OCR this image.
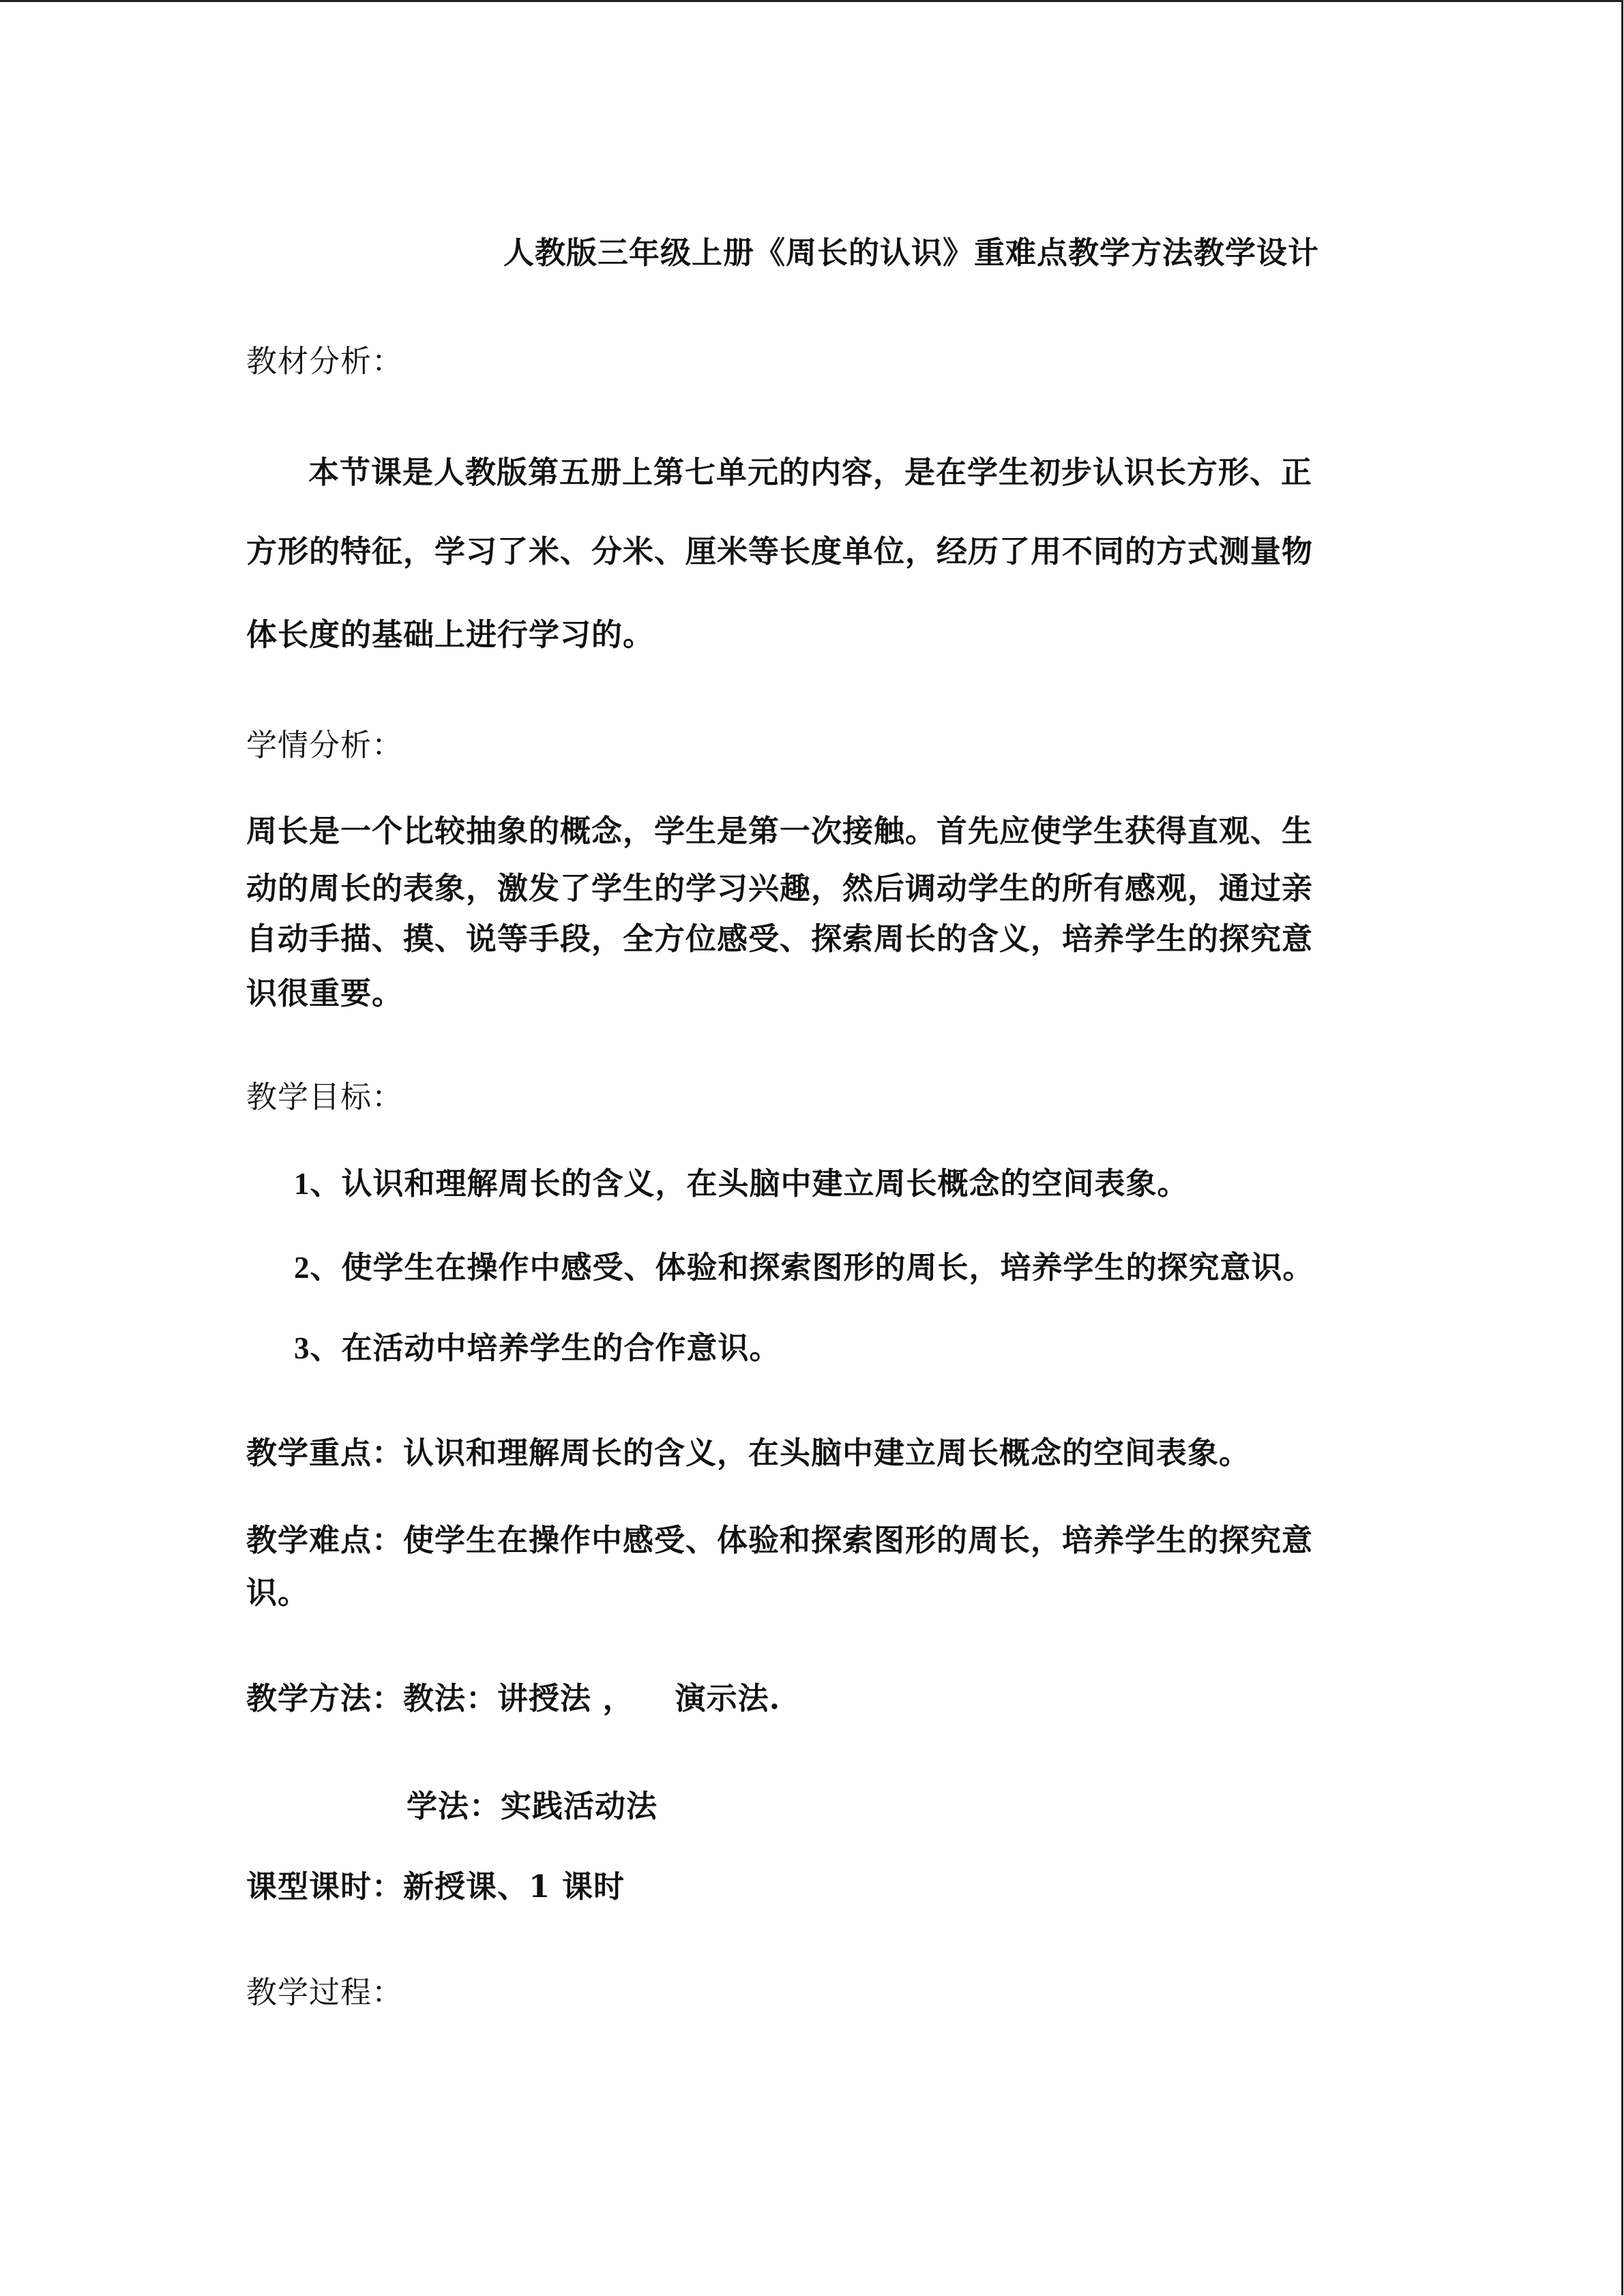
人教版三年级上册《周长的认识》重难点教学方法教学设计
教材分析：
本节课是人教版第五册上第七单元的内容，是在学生初步认识长方形、正
方形的特征，学习了米、分米、厘米等长度单位，经历了用不同的方式测量物
体长度的基础上进行学习的。
学情分析：
周长是一个比较抽象的概念，学生是第一次接触。首先应使学生获得直观、生
动的周长的表象，激发了学生的学习兴趣，然后调动学生的所有感观，通过亲
自动手描、摸、说等手段，全方位感受、探索周长的含义，培养学生的探究意
识很重要。
教学目标：
1、认识和理解周长的含义，在头脑中建立周长概念的空间表象。
2、使学生在操作中感受、体验和探索图形的周长，培养学生的探究意识。
3、在活动中培养学生的合作意识。
教学重点：认识和理解周长的含义，在头脑中建立周长概念的空间表象。
教学难点：使学生在操作中感受、体验和探索图形的周长，培养学生的探究意
识。
教学方法：教法：讲授法 ， 演示法.
学法：实践活动法
课型课时：新授课、1 课时
教学过程：
